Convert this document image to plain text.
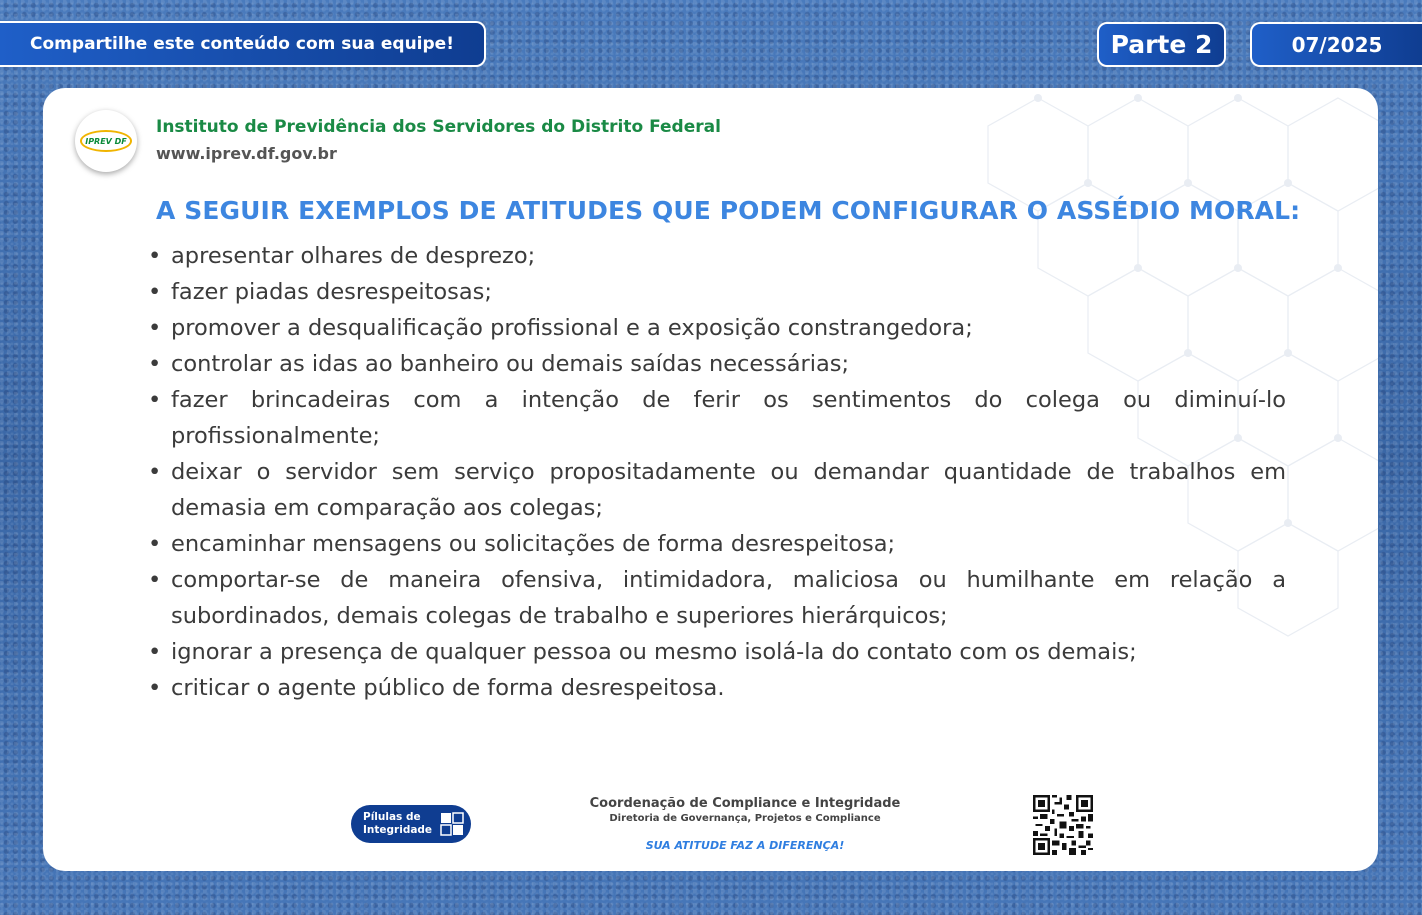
Compartilhe este conteúdo com sua equipe!	Parte 2	07/2025
IPREV DF
Instituto de Previdência dos Servidores do Distrito Federal
www.iprev.df.gov.br
A SEGUIR EXEMPLOS DE ATITUDES QUE PODEM CONFIGURAR O ASSÉDIO MORAL:
• apresentar olhares de desprezo;
• fazer piadas desrespeitosas;
• promover a desqualificação profissional e a exposição constrangedora;
• controlar as idas ao banheiro ou demais saídas necessárias;
• fazer brincadeiras com a intenção de ferir os sentimentos do colega ou diminuí-lo profissionalmente;
• deixar o servidor sem serviço propositadamente ou demandar quantidade de trabalhos em demasia em comparação aos colegas;
• encaminhar mensagens ou solicitações de forma desrespeitosa;
• comportar-se de maneira ofensiva, intimidadora, maliciosa ou humilhante em relação a subordinados, demais colegas de trabalho e superiores hierárquicos;
• ignorar a presença de qualquer pessoa ou mesmo isolá-la do contato com os demais;
• criticar o agente público de forma desrespeitosa.
Pílulas de
Integridade
Coordenação de Compliance e Integridade
Diretoria de Governança, Projetos e Compliance
SUA ATITUDE FAZ A DIFERENÇA!
